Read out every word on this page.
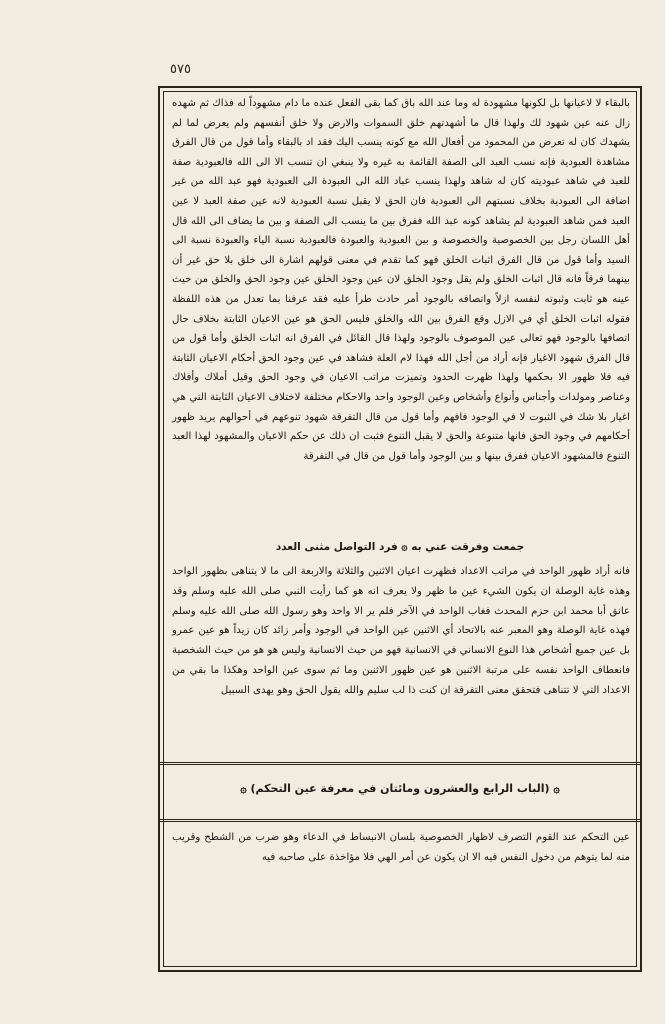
٥٧٥

بالبقاء لا لاعيانها بل لكونها مشهودة له وما عند الله باق كما بقى الفعل عنده ما دام مشهوداً له فذاك ثم شهده زال عنه عين شهود لك ولهذا قال ما أشهدتهم خلق السموات والارض ولا خلق أنفسهم ولم يعرض لما لم يشهدك كان له تعرض من المحمود من أفعال الله مع كونه ينسب اليك فقد اد بالبقاء وأما قول من قال الفرق مشاهدة العبودية فإنه نسب العبد الى الصفة القائمة به غيره ولا ينبغي ان تنسب الا الى الله فالعبودية صفة للعبد في شاهد عبوديته كان له شاهد ولهذا ينسب عباد الله الى العبودة الى العبودية فهو عبد الله من غير اضافة الى العبودية بخلاف نسبتهم الى العبودية فان الحق لا يقبل نسبة العبودية لانه عين صفة العبد لا عين العبد فمن شاهد العبودية لم يشاهد كونه عبد الله ففرق بين ما ينسب الى الصفة و بين ما يضاف الى الله قال أهل اللسان رجل بين الخصوصية والخصوصة و بين العبودية والعبودة فالعبودية نسبة الياء والعبودة نسبة الى السيد وأما قول من قال الفرق اثبات الخلق فهو كما تقدم في معنى قولهم اشارة الى خلق بلا حق غير أن بينهما فرقاً فانه قال اثبات الخلق ولم يقل وجود الخلق لان عين وجود الخلق عين وجود الحق والخلق من حيث عينه هو ثابت وثبوته لنفسه ازلاً واتصافه بالوجود أمر حادث طرأ عليه فقد عرفنا بما تعدل من هذه اللفظة فقوله اثبات الخلق أي في الازل وقع الفرق بين الله والخلق فليس الحق هو عين الاعيان الثابتة بخلاف حال اتصافها بالوجود فهو تعالى عين الموصوف بالوجود ولهذا قال القائل في الفرق انه اثبات الخلق وأما قول من قال الفرق شهود الاغيار فإنه أراد من أجل الله فهذا لام العلة فشاهد في عين وجود الحق أحكام الاعيان الثابتة فيه فلا ظهور الا بحكمها ولهذا ظهرت الحدود وتميزت مراتب الاعيان في وجود الحق وقيل أملاك وأفلاك وعناصر ومولدات وأجناس وأنواع وأشخاص وعين الوجود واحد والاحكام مختلفة لاختلاف الاعيان الثابتة التي هي اغيار بلا شك في الثبوت لا في الوجود فافهم وأما قول من قال التفرقة شهود تنوعهم في أحوالهم يريد ظهور أحكامهم في وجود الحق فانها متنوعة والحق لا يقبل التنوع فثبت ان ذلك عن حكم الاعيان والمشهود لهذا العبد التنوع فالمشهود الاعيان ففرق بينها و بين الوجود وأما قول من قال في التفرقة

جمعت وفرقت عني به ۞ فرد التواصل مثنى العدد

فانه أراد ظهور الواحد في مراتب الاعداد فظهرت اعيان الاثنين والثلاثة والاربعة الى ما لا يتناهى بظهور الواحد وهذه غاية الوصلة ان يكون الشيء عين ما ظهر ولا يعرف انه هو كما رأيت النبي صلى الله عليه وسلم وقد عانق أبا محمد ابن حزم المحدث فغاب الواحد في الآخر فلم ير الا واحد وهو رسول الله صلى الله عليه وسلم فهذه غاية الوصلة وهو المعبر عنه بالاتحاد أي الاثنين عين الواحد في الوجود وأمر زائد كان زيداً هو عين عمرو بل عين جميع أشخاص هذا النوع الانساني في الانسانية فهو من حيث الانسانية وليس هو هو من حيث الشخصية فانعطاف الواحد نفسه على مرتبة الاثنين هو عين ظهور الاثنين وما ثم سوى عين الواحد وهكذا ما بقي من الاعداد التي لا تتناهى فتحقق معنى التفرقة ان كنت ذا لب سليم والله يقول الحق وهو يهدى السبيل

۞ (الباب الرابع والعشرون ومائتان في معرفة عين التحكم) ۞

عين التحكم عند القوم التصرف لاظهار الخصوصية بلسان الانبساط في الدعاء وهو ضرب من الشطح وقريب منه لما يتوهم من دخول النفس فيه الا ان يكون عن أمر الهي فلا مؤاخذة على صاحبه فيه
